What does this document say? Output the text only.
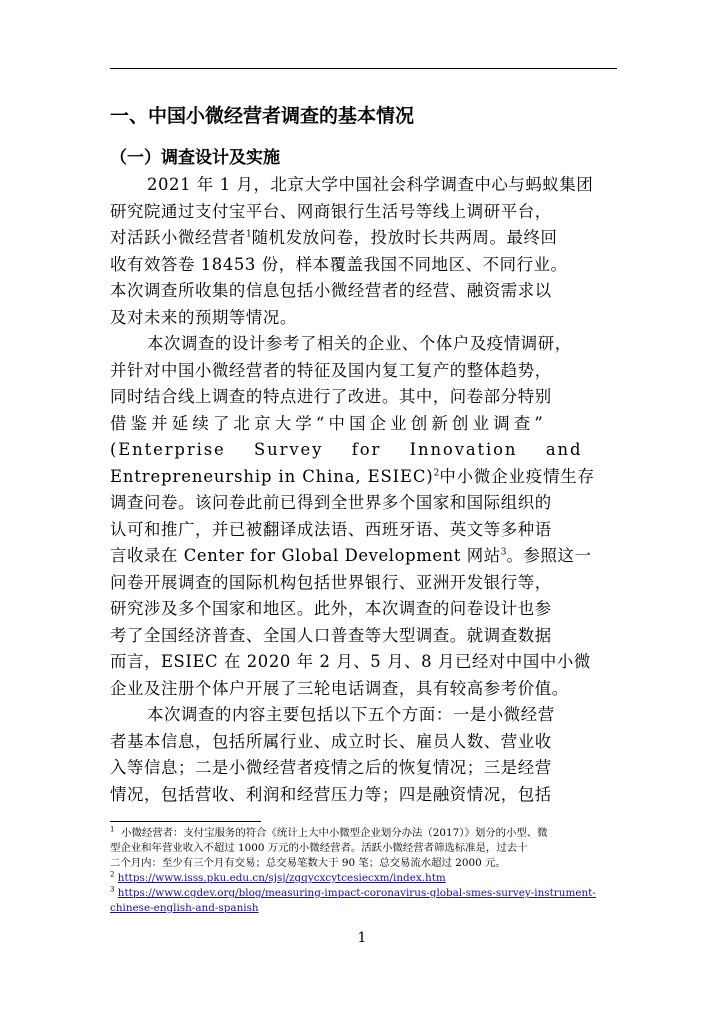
一、中国小微经营者调查的基本情况
（一）调查设计及实施
2021 年 1 月，北京大学中国社会科学调查中心与蚂蚁集团
研究院通过支付宝平台、网商银行生活号等线上调研平台，
对活跃小微经营者$^1$随机发放问卷，投放时长共两周。最终回
收有效答卷 18453 份，样本覆盖我国不同地区、不同行业。
本次调查所收集的信息包括小微经营者的经营、融资需求以
及对未来的预期等情况。
本次调查的设计参考了相关的企业、个体户及疫情调研，
并针对中国小微经营者的特征及国内复工复产的整体趋势，
同时结合线上调查的特点进行了改进。其中，问卷部分特别
借鉴并延续了北京大学“中国企业创新创业调查”
(Enterprise    Survey    for    Innovation    and
Entrepreneurship in China, ESIEC)$^2$中小微企业疫情生存
调查问卷。该问卷此前已得到全世界多个国家和国际组织的
认可和推广，并已被翻译成法语、西班牙语、英文等多种语
言收录在 Center for Global Development 网站$^3$。参照这一
问卷开展调查的国际机构包括世界银行、亚洲开发银行等，
研究涉及多个国家和地区。此外，本次调查的问卷设计也参
考了全国经济普查、全国人口普查等大型调查。就调查数据
而言，ESIEC 在 2020 年 2 月、5 月、8 月已经对中国中小微
企业及注册个体户开展了三轮电话调查，具有较高参考价值。
本次调查的内容主要包括以下五个方面：一是小微经营
者基本信息，包括所属行业、成立时长、雇员人数、营业收
入等信息；二是小微经营者疫情之后的恢复情况；三是经营
情况，包括营收、利润和经营压力等；四是融资情况，包括
$^1$ 小微经营者：支付宝服务的符合《统计上大中小微型企业划分办法（2017）》划分的小型、微
型企业和年营业收入不超过 1000 万元的小微经营者。活跃小微经营者筛选标准是，过去十
二个月内：至少有三个月有交易；总交易笔数大于 90 笔；总交易流水超过 2000 元。
$^2$ https://www.isss.pku.edu.cn/sjsj/zgqycxcytcesiecxm/index.htm
$^3$ https://www.cgdev.org/blog/measuring-impact-coronavirus-global-smes-survey-instrument-
chinese-english-and-spanish
1
